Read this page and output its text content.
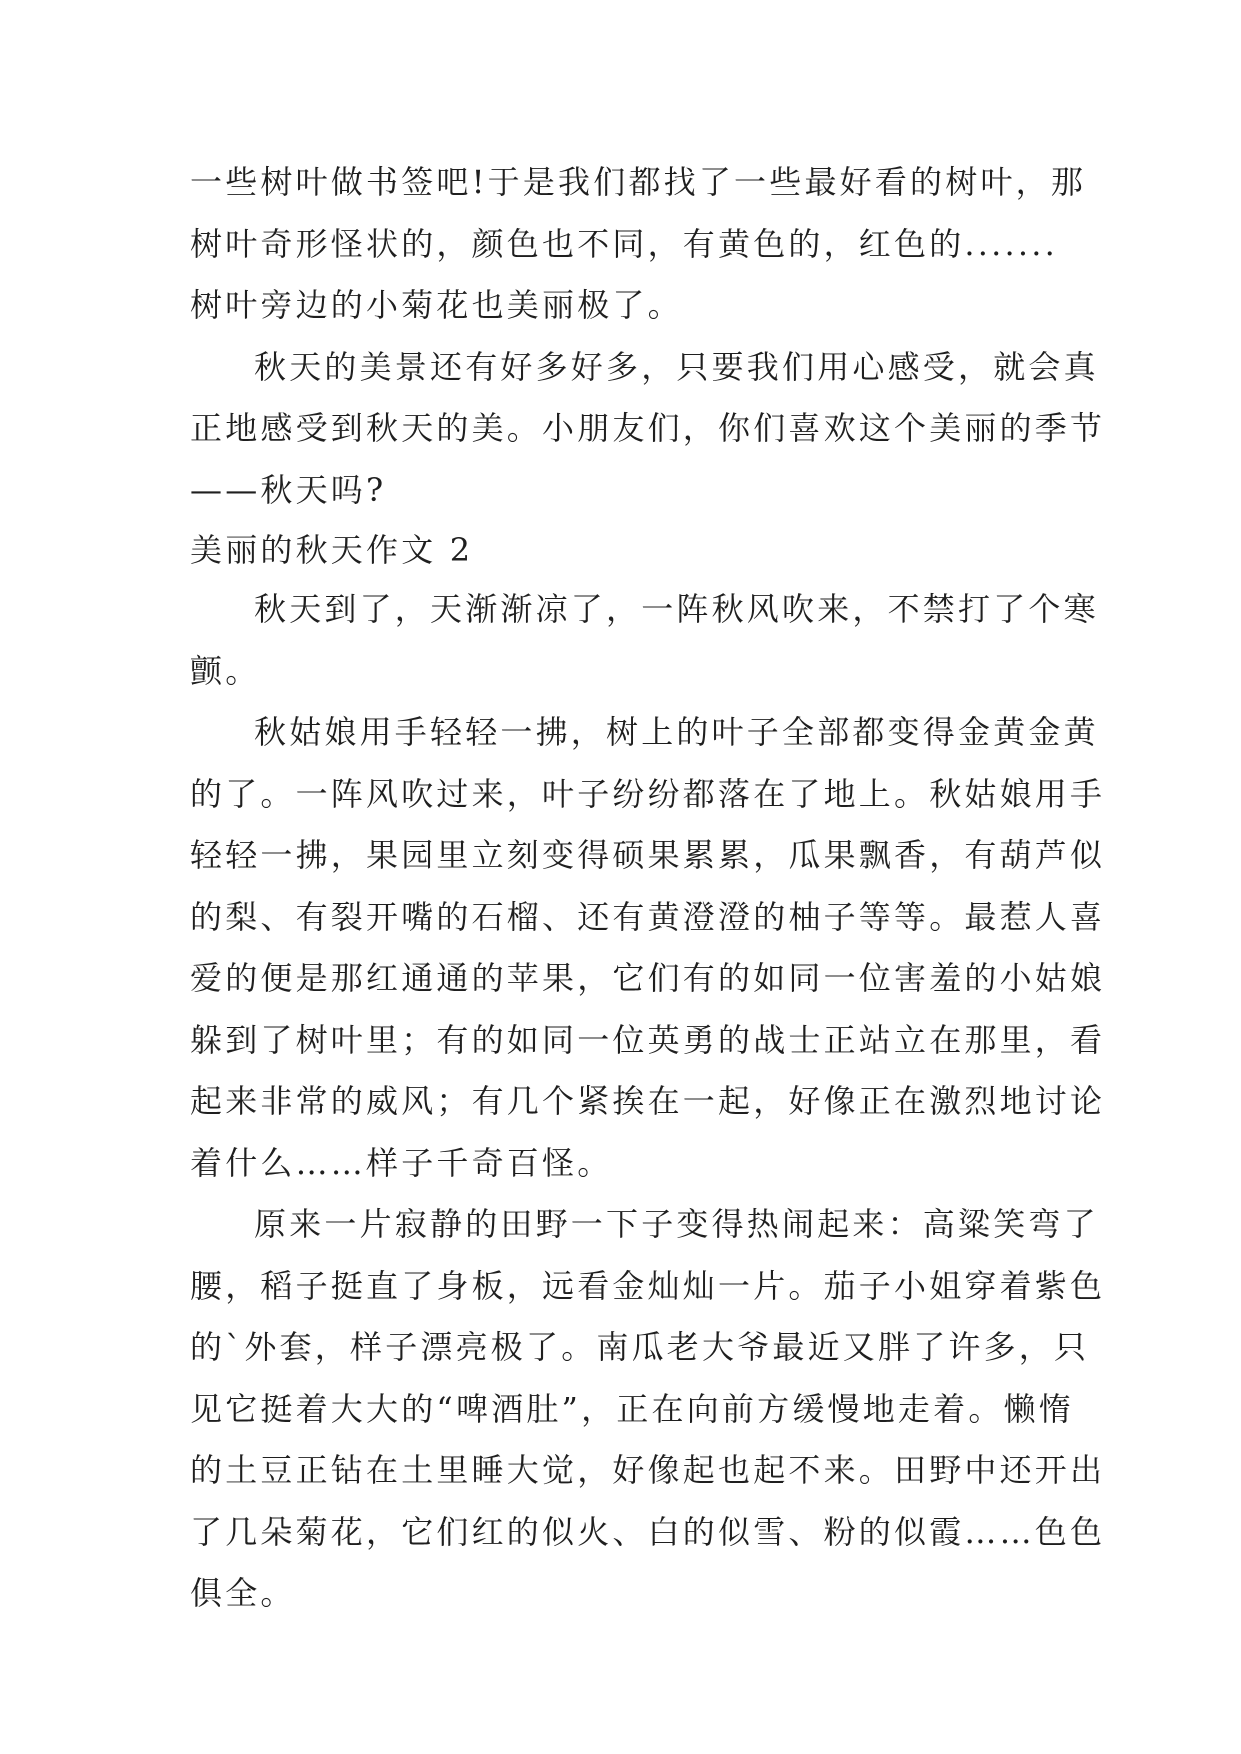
一些树叶做书签吧!于是我们都找了一些最好看的树叶，那
树叶奇形怪状的，颜色也不同，有黄色的，红色的.......
树叶旁边的小菊花也美丽极了。
秋天的美景还有好多好多，只要我们用心感受，就会真
正地感受到秋天的美。小朋友们，你们喜欢这个美丽的季节
——秋天吗?
美丽的秋天作文 2
秋天到了，天渐渐凉了，一阵秋风吹来，不禁打了个寒
颤。
秋姑娘用手轻轻一拂，树上的叶子全部都变得金黄金黄
的了。一阵风吹过来，叶子纷纷都落在了地上。秋姑娘用手
轻轻一拂，果园里立刻变得硕果累累，瓜果飘香，有葫芦似
的梨、有裂开嘴的石榴、还有黄澄澄的柚子等等。最惹人喜
爱的便是那红通通的苹果，它们有的如同一位害羞的小姑娘
躲到了树叶里；有的如同一位英勇的战士正站立在那里，看
起来非常的威风；有几个紧挨在一起，好像正在激烈地讨论
着什么……样子千奇百怪。
原来一片寂静的田野一下子变得热闹起来：高粱笑弯了
腰，稻子挺直了身板，远看金灿灿一片。茄子小姐穿着紫色
的`外套，样子漂亮极了。南瓜老大爷最近又胖了许多，只
见它挺着大大的“啤酒肚”，正在向前方缓慢地走着。懒惰
的土豆正钻在土里睡大觉，好像起也起不来。田野中还开出
了几朵菊花，它们红的似火、白的似雪、粉的似霞……色色
俱全。
